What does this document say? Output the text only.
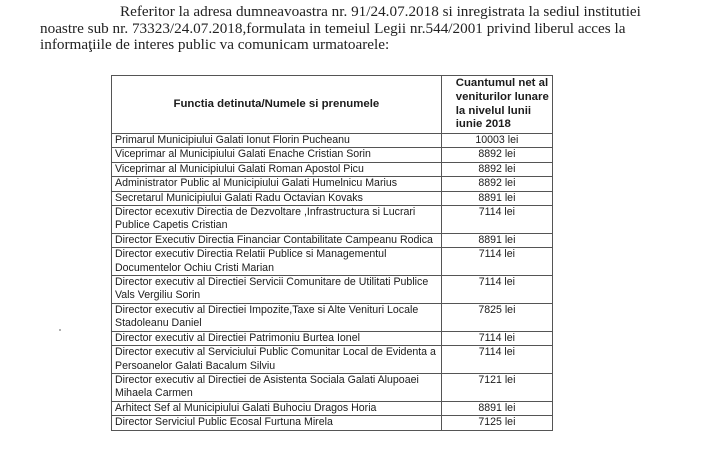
Referitor la adresa dumneavoastra nr. 91/24.07.2018 si inregistrata la sediul institutiei

noastre sub nr. 73323/24.07.2018,formulata in temeiul Legii nr.544/2001 privind liberul acces la

informaţiile de interes public va comunicam urmatoarele:

Functia detinuta/Numele si prenumele	Cuantumul net al veniturilor lunare la nivelul lunii iunie 2018
Primarul Municipiului Galati Ionut Florin Pucheanu	10003 lei
Viceprimar al Municipiului Galati Enache Cristian Sorin	8892 lei
Viceprimar al Municipiului Galati Roman Apostol Picu	8892 lei
Administrator Public al Municipiului Galati Humelnicu Marius	8892 lei
Secretarul Municipiului Galati Radu Octavian Kovaks	8891 lei
Director ecexutiv Directia de Dezvoltare ,Infrastructura si Lucrari Publice Capetis Cristian	7114 lei
Director Executiv Directia Financiar Contabilitate Campeanu Rodica	8891 lei
Director executiv Directia Relatii Publice si Managementul Documentelor Ochiu Cristi Marian	7114 lei
Director executiv al Directiei Servicii Comunitare de Utilitati Publice Vals Vergiliu Sorin	7114 lei
Director executiv al Directiei Impozite,Taxe si Alte Venituri Locale Stadoleanu Daniel	7825 lei
Director executiv al Directiei Patrimoniu Burtea Ionel	7114 lei
Director executiv al Serviciului Public Comunitar Local de Evidenta a Persoanelor Galati Bacalum Silviu	7114 lei
Director executiv al Directiei de Asistenta Sociala Galati Alupoaei Mihaela Carmen	7121 lei
Arhitect Sef al Municipiului Galati Buhociu Dragos Horia	8891 lei
Director Serviciul Public Ecosal Furtuna Mirela	7125 lei
